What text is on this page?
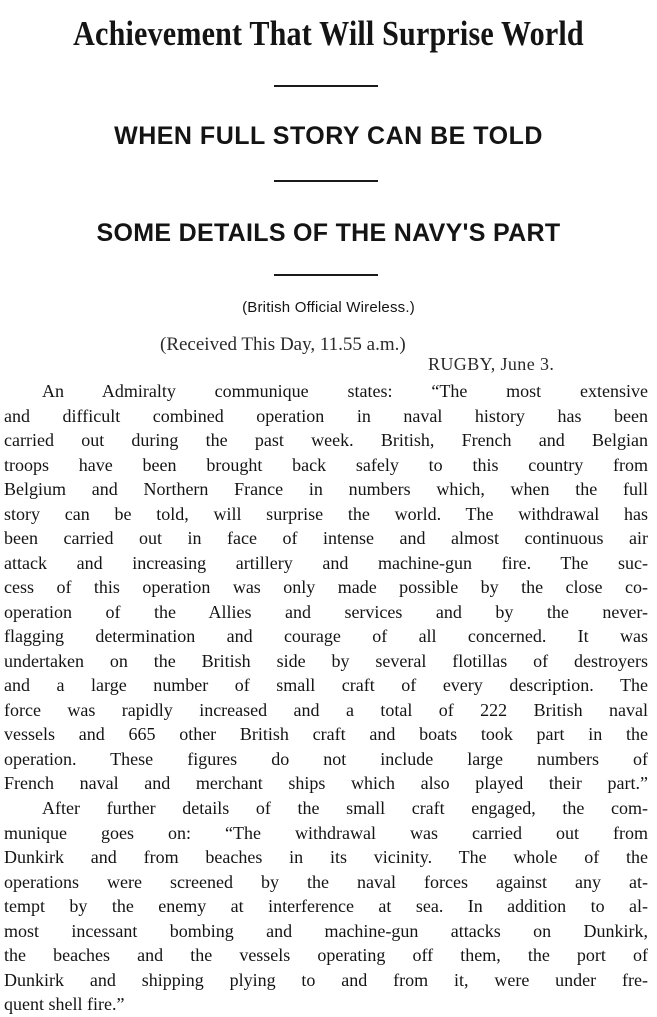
Achievement That Will Surprise World
WHEN FULL STORY CAN BE TOLD
SOME DETAILS OF THE NAVY'S PART

(British Official Wireless.)

(Received This Day, 11.55 a.m.)

RUGBY, June 3.

An Admiralty communique states: “The most extensive
and difficult combined operation in naval history has been
carried out during the past week. British, French and Belgian
troops have been brought back safely to this country from
Belgium and Northern France in numbers which, when the full
story can be told, will surprise the world. The withdrawal has
been carried out in face of intense and almost continuous air
attack and increasing artillery and machine-gun fire. The suc-
cess of this operation was only made possible by the close co-
operation of the Allies and services and by the never-
flagging determination and courage of all concerned. It was
undertaken on the British side by several flotillas of destroyers
and a large number of small craft of every description. The
force was rapidly increased and a total of 222 British naval
vessels and 665 other British craft and boats took part in the
operation. These figures do not include large numbers of
French naval and merchant ships which also played their part.”
After further details of the small craft engaged, the com-
munique goes on: “The withdrawal was carried out from
Dunkirk and from beaches in its vicinity. The whole of the
operations were screened by the naval forces against any at-
tempt by the enemy at interference at sea. In addition to al-
most incessant bombing and machine-gun attacks on Dunkirk,
the beaches and the vessels operating off them, the port of
Dunkirk and shipping plying to and from it, were under fre-
quent shell fire.”
